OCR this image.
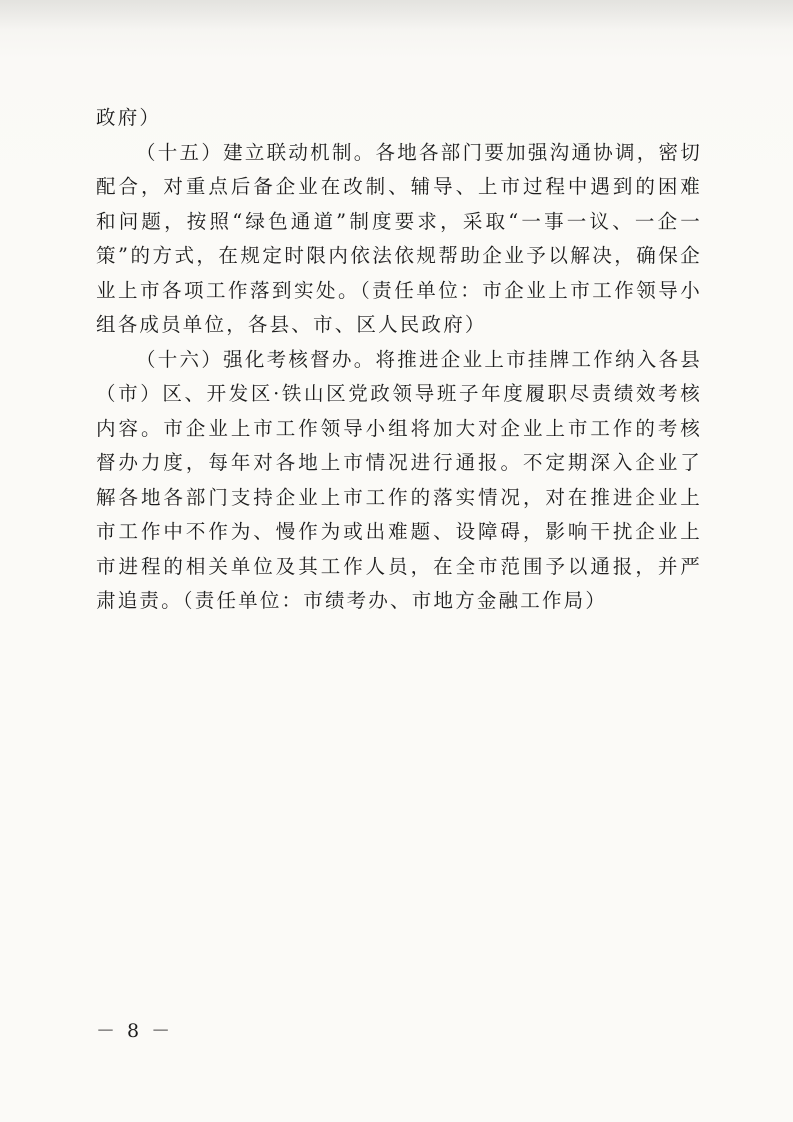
政府）

（十五）建立联动机制。各地各部门要加强沟通协调，密切配合，对重点后备企业在改制、辅导、上市过程中遇到的困难和问题，按照“绿色通道”制度要求，采取“一事一议、一企一策”的方式，在规定时限内依法依规帮助企业予以解决，确保企业上市各项工作落到实处。（责任单位：市企业上市工作领导小组各成员单位，各县、市、区人民政府）

（十六）强化考核督办。将推进企业上市挂牌工作纳入各县（市）区、开发区·铁山区党政领导班子年度履职尽责绩效考核内容。市企业上市工作领导小组将加大对企业上市工作的考核督办力度，每年对各地上市情况进行通报。不定期深入企业了解各地各部门支持企业上市工作的落实情况，对在推进企业上市工作中不作为、慢作为或出难题、设障碍，影响干扰企业上市进程的相关单位及其工作人员，在全市范围予以通报，并严肃追责。（责任单位：市绩考办、市地方金融工作局）

－ 8 －
